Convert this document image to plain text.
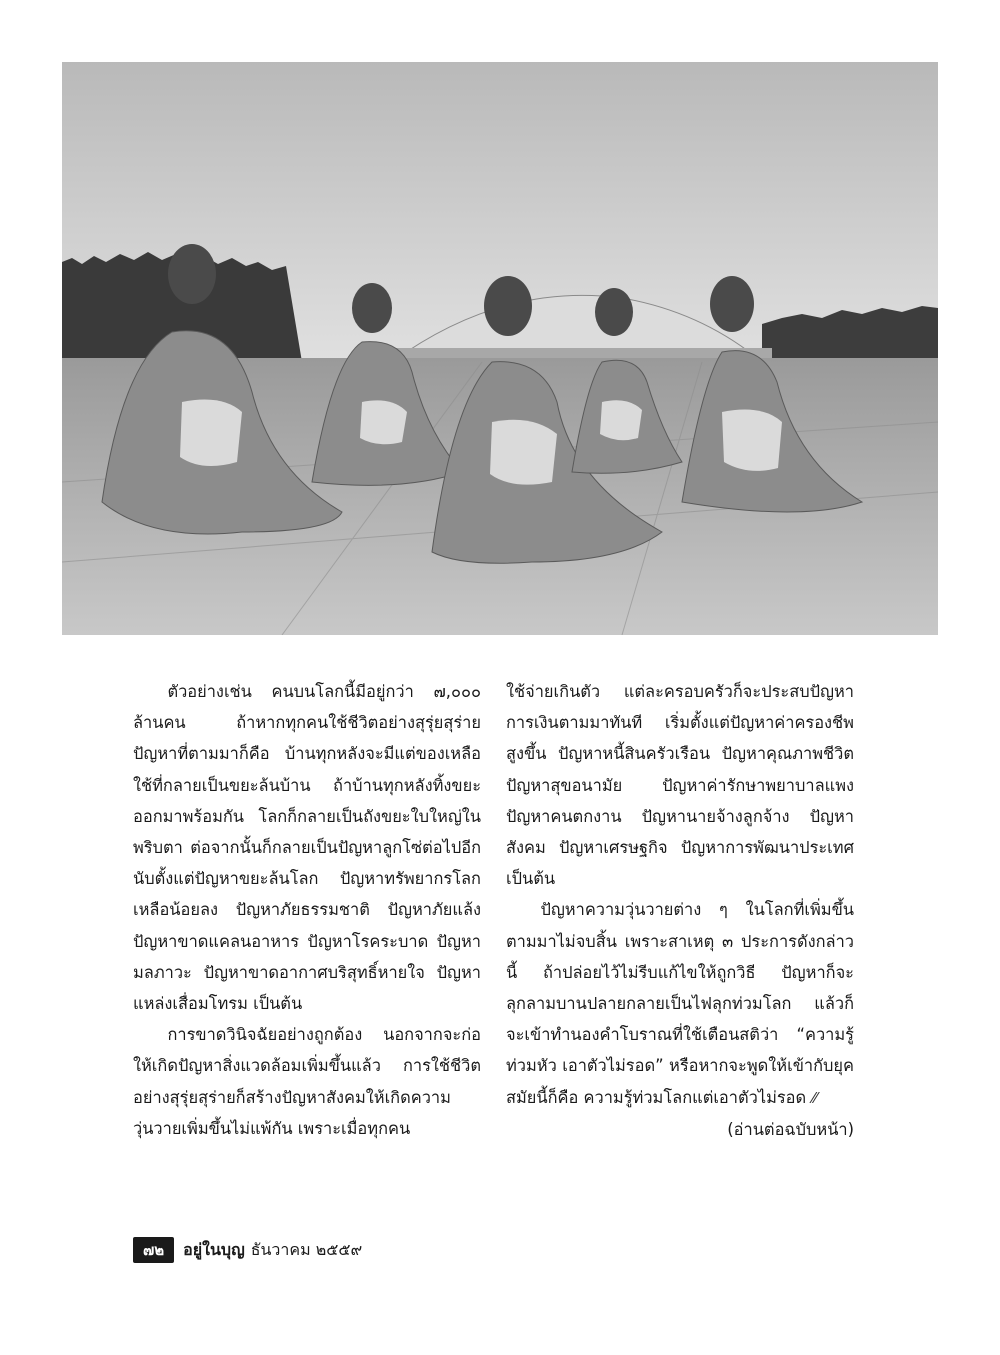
ตัวอย่างเช่น คนบนโลกนี้มีอยู่กว่า ๗,๐๐๐ ล้านคน ถ้าหากทุกคนใช้ชีวิตอย่างสุรุ่ยสุร่าย ปัญหาที่ตามมาก็คือ บ้านทุกหลังจะมีแต่ของเหลือใช้ที่กลายเป็นขยะล้นบ้าน ถ้าบ้านทุกหลังทิ้งขยะออกมาพร้อมกัน โลกก็กลายเป็นถังขยะใบใหญ่ในพริบตา ต่อจากนั้นก็กลายเป็นปัญหาลูกโซ่ต่อไปอีก นับตั้งแต่ปัญหาขยะล้นโลก ปัญหาทรัพยากรโลกเหลือน้อยลง ปัญหาภัยธรรมชาติ ปัญหาภัยแล้ง ปัญหาขาดแคลนอาหาร ปัญหาโรคระบาด ปัญหามลภาวะ ปัญหาขาดอากาศบริสุทธิ์หายใจ ปัญหาแหล่งเสื่อมโทรม เป็นต้น

การขาดวินิจฉัยอย่างถูกต้อง นอกจากจะก่อให้เกิดปัญหาสิ่งแวดล้อมเพิ่มขึ้นแล้ว การใช้ชีวิตอย่างสุรุ่ยสุร่ายก็สร้างปัญหาสังคมให้เกิดความวุ่นวายเพิ่มขึ้นไม่แพ้กัน เพราะเมื่อทุกคน

ใช้จ่ายเกินตัว แต่ละครอบครัวก็จะประสบปัญหาการเงินตามมาทันที เริ่มตั้งแต่ปัญหาค่าครองชีพสูงขึ้น ปัญหาหนี้สินครัวเรือน ปัญหาคุณภาพชีวิต ปัญหาสุขอนามัย ปัญหาค่ารักษาพยาบาลแพง ปัญหาคนตกงาน ปัญหานายจ้างลูกจ้าง ปัญหาสังคม ปัญหาเศรษฐกิจ ปัญหาการพัฒนาประเทศ เป็นต้น

ปัญหาความวุ่นวายต่าง ๆ ในโลกที่เพิ่มขึ้นตามมาไม่จบสิ้น เพราะสาเหตุ ๓ ประการดังกล่าวนี้ ถ้าปล่อยไว้ไม่รีบแก้ไขให้ถูกวิธี ปัญหาก็จะลุกลามบานปลายกลายเป็นไฟลุกท่วมโลก แล้วก็จะเข้าทำนองคำโบราณที่ใช้เตือนสติว่า “ความรู้ท่วมหัว เอาตัวไม่รอด” หรือหากจะพูดให้เข้ากับยุคสมัยนี้ก็คือ ความรู้ท่วมโลกแต่เอาตัวไม่รอด ⁄⁄

(อ่านต่อฉบับหน้า)

๗๒	อยู่ในบุญ ธันวาคม ๒๕๕๙
